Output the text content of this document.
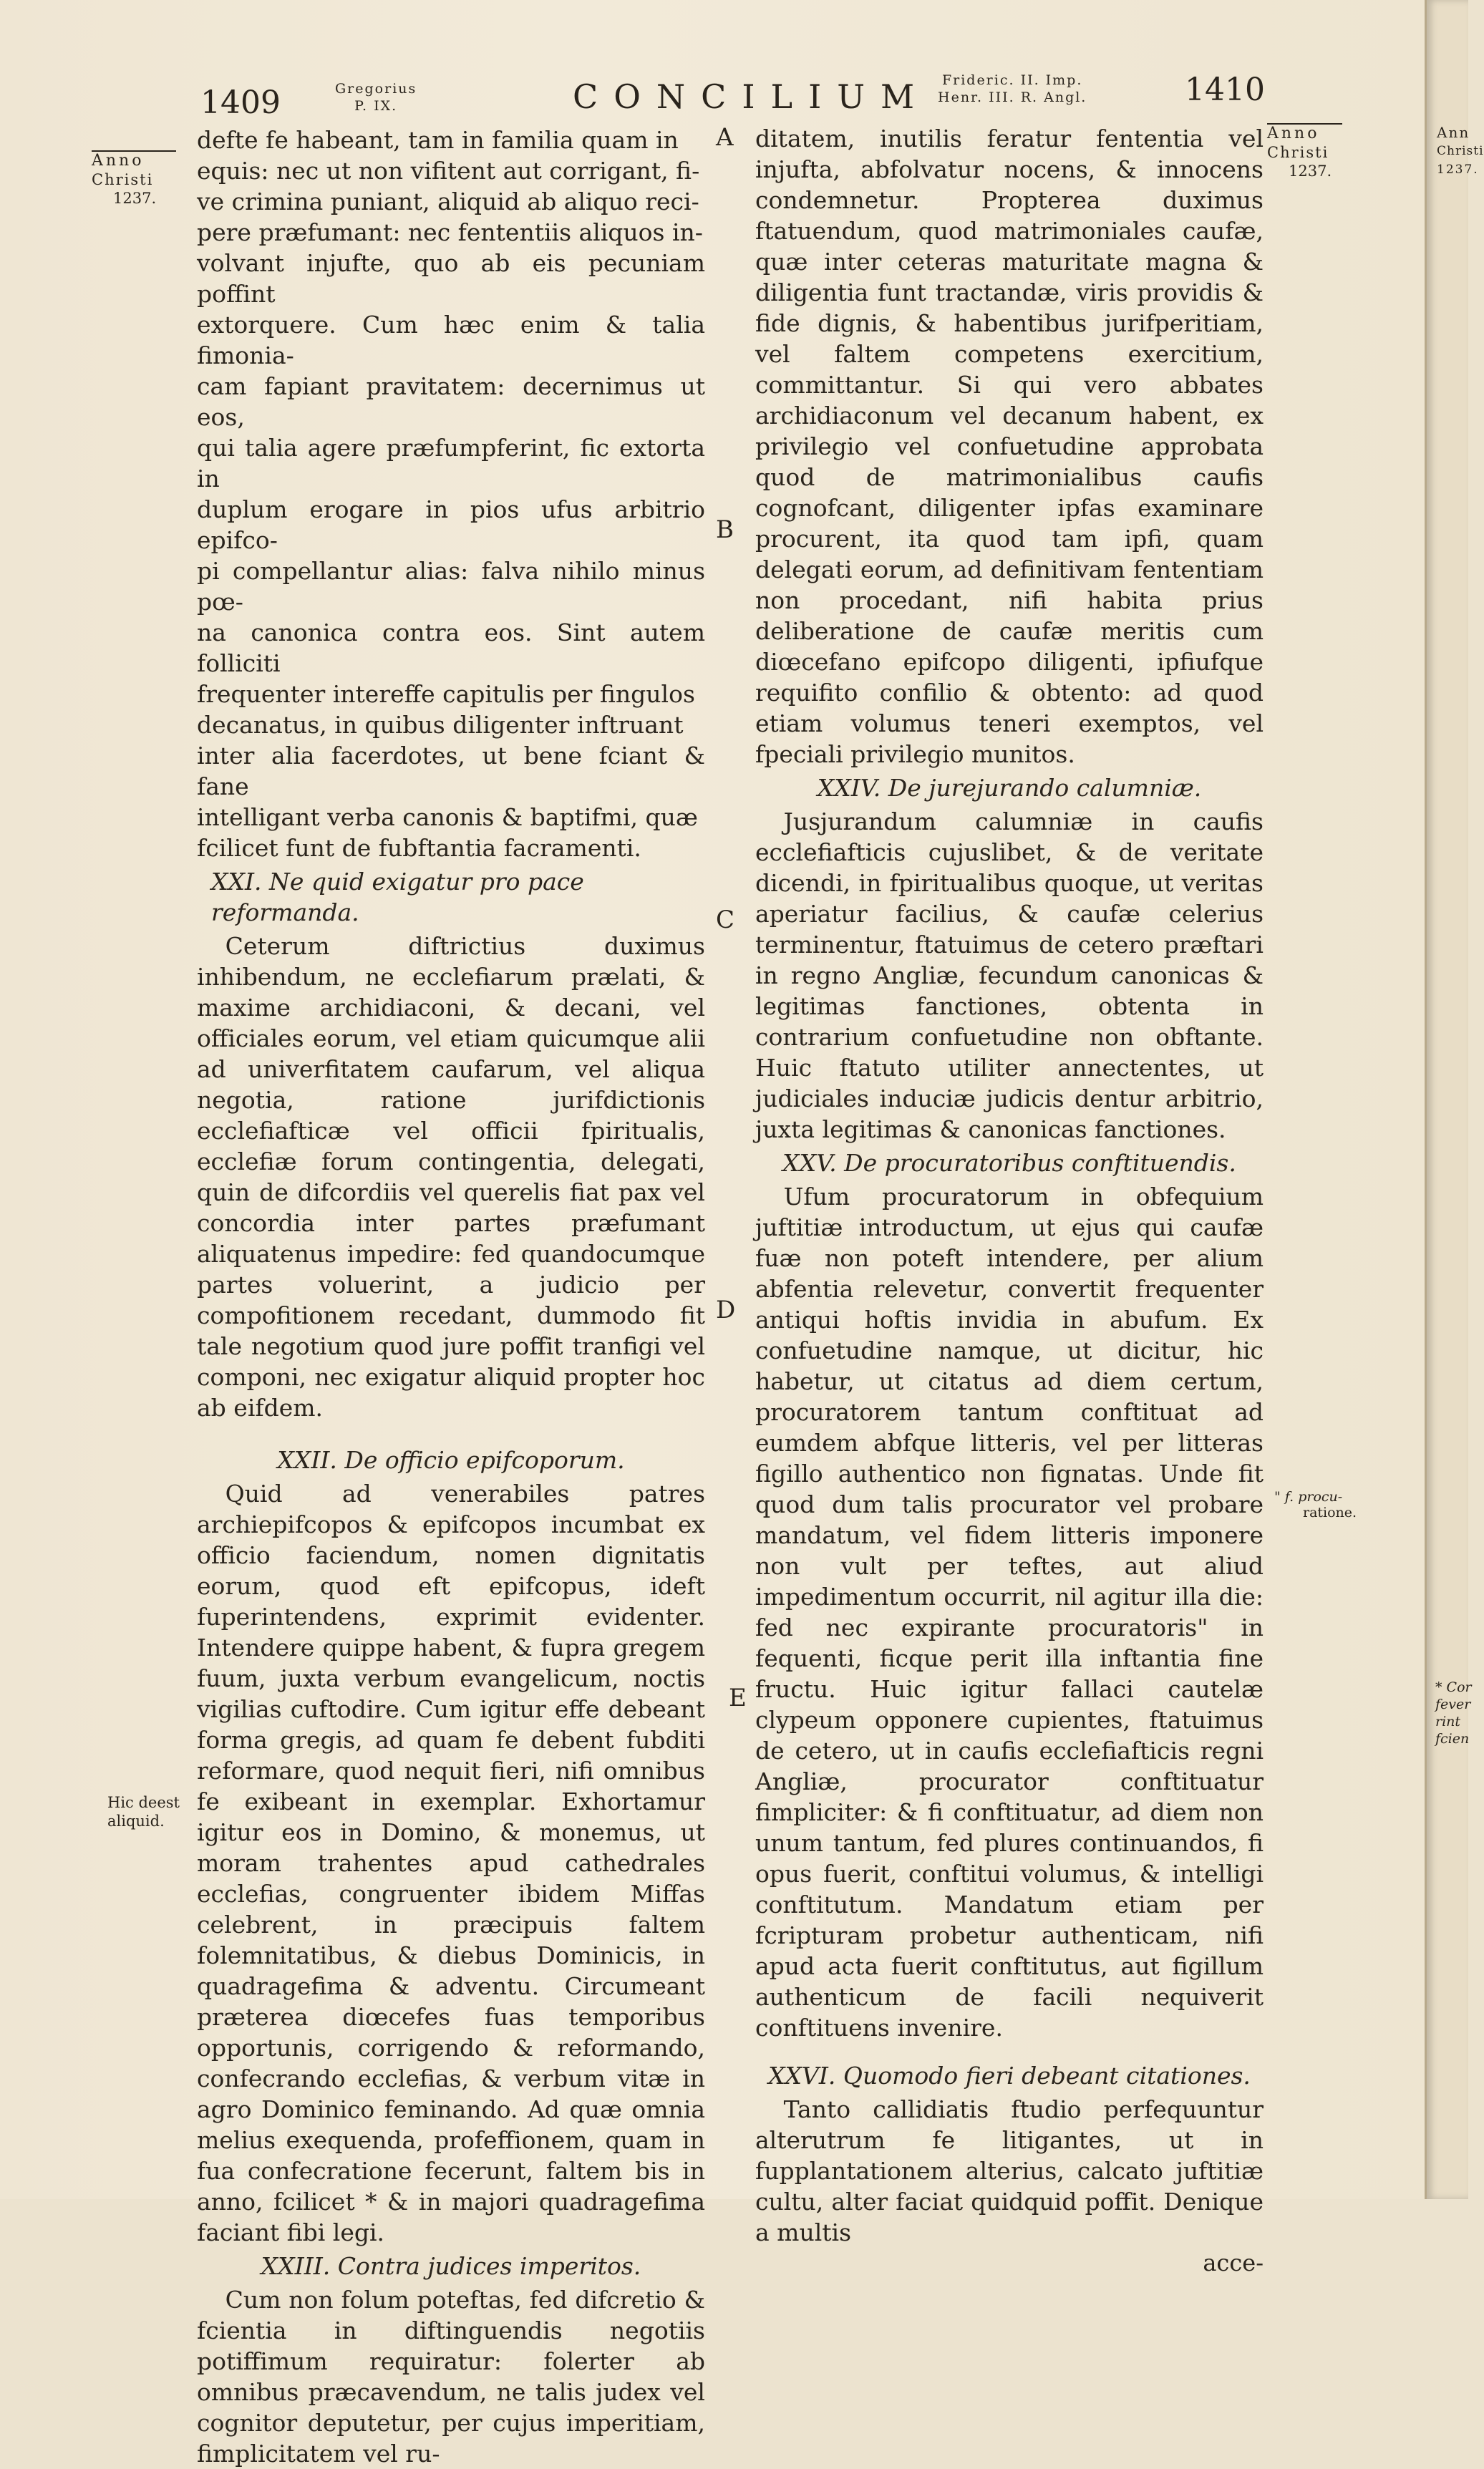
1409	Gregorius
P. IX.	CONCILIUM Frideric. II. Imp.
Henr. III. R. Angl.	1410
Anno
Christi
1237.
Hic deest
aliquid.
Anno
Christi
1237.
" f. procu-
ratione.
A
B
C
D
E
defte fe habeant, tam in familia quam in
equis: nec ut non vifitent aut corrigant, fi-
ve crimina puniant, aliquid ab aliquo reci-
pere præfumant: nec fententiis aliquos in-
volvant injufte, quo ab eis pecuniam poffint
extorquere. Cum hæc enim & talia fimonia-
cam fapiant pravitatem: decernimus ut eos,
qui talia agere præfumpferint, fic extorta in
duplum erogare in pios ufus arbitrio epifco-
pi compellantur alias: falva nihilo minus pœ-
na canonica contra eos. Sint autem folliciti
frequenter intereffe capitulis per fingulos
decanatus, in quibus diligenter inftruant
inter alia facerdotes, ut bene fciant & fane
intelligant verba canonis & baptifmi, quæ
fcilicet funt de fubftantia facramenti.

XXI. Ne quid exigatur pro pace reformanda.

Ceterum diftrictius duximus inhibendum, ne ecclefiarum prælati, & maxime archidiaconi, & decani, vel officiales eorum, vel etiam quicumque alii ad univerfitatem caufarum, vel aliqua negotia, ratione jurifdictionis ecclefiafticæ vel officii fpiritualis, ecclefiæ forum contingentia, delegati, quin de difcordiis vel querelis fiat pax vel concordia inter partes præfumant aliquatenus impedire: fed quandocumque partes voluerint, a judicio per compofitionem recedant, dummodo fit tale negotium quod jure poffit tranfigi vel componi, nec exigatur aliquid propter hoc ab eifdem.

XXII. De officio epifcoporum.

Quid ad venerabiles patres archiepifcopos & epifcopos incumbat ex officio faciendum, nomen dignitatis eorum, quod eft epifcopus, ideft fuperintendens, exprimit evidenter. Intendere quippe habent, & fupra gregem fuum, juxta verbum evangelicum, noctis vigilias cuftodire. Cum igitur effe debeant forma gregis, ad quam fe debent fubditi reformare, quod nequit fieri, nifi omnibus fe exibeant in exemplar. Exhortamur igitur eos in Domino, & monemus, ut moram trahentes apud cathedrales ecclefias, congruenter ibidem Miffas celebrent, in præcipuis faltem folemnitatibus, & diebus Dominicis, in quadragefima & adventu. Circumeant præterea diœcefes fuas temporibus opportunis, corrigendo & reformando, confecrando ecclefias, & verbum vitæ in agro Dominico feminando. Ad quæ omnia melius exequenda, profeffionem, quam in fua confecratione fecerunt, faltem bis in anno, fcilicet * & in majori quadragefima faciant fibi legi.

XXIII. Contra judices imperitos.

Cum non folum poteftas, fed difcretio & fcientia in diftinguendis negotiis potiffimum requiratur: folerter ab omnibus præcavendum, ne talis judex vel cognitor deputetur, per cujus imperitiam, fimplicitatem vel ru-

ditatem, inutilis feratur fententia vel injufta, abfolvatur nocens, & innocens condemnetur. Propterea duximus ftatuendum, quod matrimoniales caufæ, quæ inter ceteras maturitate magna & diligentia funt tractandæ, viris providis & fide dignis, & habentibus jurifperitiam, vel faltem competens exercitium, committantur. Si qui vero abbates archidiaconum vel decanum habent, ex privilegio vel confuetudine approbata quod de matrimonialibus caufis cognofcant, diligenter ipfas examinare procurent, ita quod tam ipfi, quam delegati eorum, ad definitivam fententiam non procedant, nifi habita prius deliberatione de caufæ meritis cum diœcefano epifcopo diligenti, ipfiufque requifito confilio & obtento: ad quod etiam volumus teneri exemptos, vel fpeciali privilegio munitos.

XXIV. De jurejurando calumniæ.

Jusjurandum calumniæ in caufis ecclefiafticis cujuslibet, & de veritate dicendi, in fpiritualibus quoque, ut veritas aperiatur facilius, & caufæ celerius terminentur, ftatuimus de cetero præftari in regno Angliæ, fecundum canonicas & legitimas fanctiones, obtenta in contrarium confuetudine non obftante. Huic ftatuto utiliter annectentes, ut judiciales induciæ judicis dentur arbitrio, juxta legitimas & canonicas fanctiones.

XXV. De procuratoribus conftituendis.

Ufum procuratorum in obfequium juftitiæ introductum, ut ejus qui caufæ fuæ non poteft intendere, per alium abfentia relevetur, convertit frequenter antiqui hoftis invidia in abufum. Ex confuetudine namque, ut dicitur, hic habetur, ut citatus ad diem certum, procuratorem tantum conftituat ad eumdem abfque litteris, vel per litteras figillo authentico non fignatas. Unde fit quod dum talis procurator vel probare mandatum, vel fidem litteris imponere non vult per teftes, aut aliud impedimentum occurrit, nil agitur illa die: fed nec expirante procuratoris" in fequenti, ficque perit illa inftantia fine fructu. Huic igitur fallaci cautelæ clypeum opponere cupientes, ftatuimus de cetero, ut in caufis ecclefiafticis regni Angliæ, procurator conftituatur fimpliciter: & fi conftituatur, ad diem non unum tantum, fed plures continuandos, fi opus fuerit, conftitui volumus, & intelligi conftitutum. Mandatum etiam per fcripturam probetur authenticam, nifi apud acta fuerit conftitutus, aut figillum authenticum de facili nequiverit conftituens invenire.

XXVI. Quomodo fieri debeant citationes.

Tanto callidiatis ftudio perfequuntur alterutrum fe litigantes, ut in fupplantationem alterius, calcato juftitiæ cultu, alter faciat quidquid poffit. Denique a multis

acce-
Ann
Christi
1237.
* Cor
fever
rint
fcien
